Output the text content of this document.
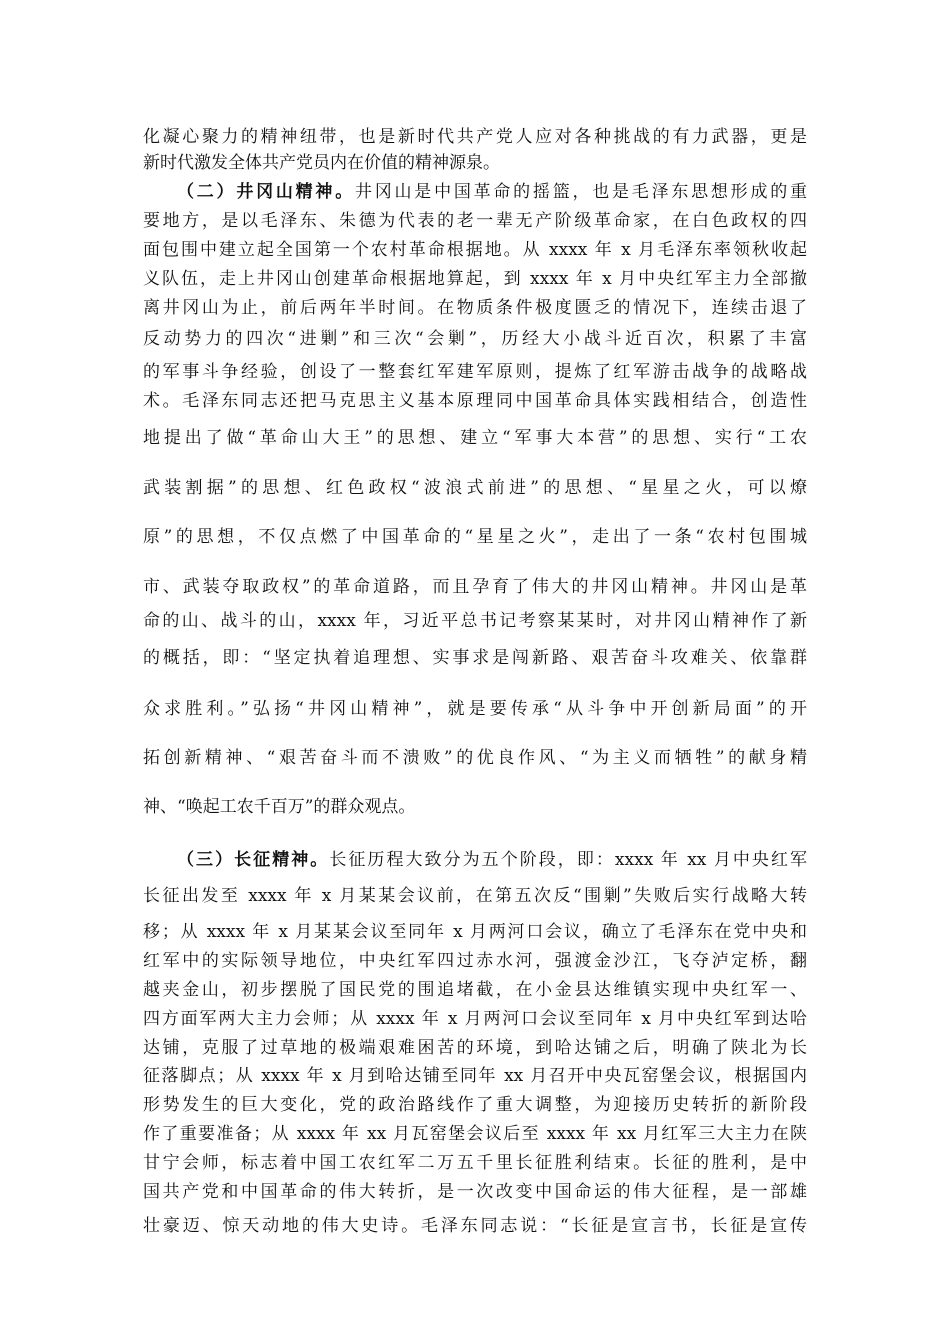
化凝心聚力的精神纽带，也是新时代共产党人应对各种挑战的有力武器，更是
新时代激发全体共产党员内在价值的精神源泉。
（二）井冈山精神。井冈山是中国革命的摇篮，也是毛泽东思想形成的重
要地方，是以毛泽东、朱德为代表的老一辈无产阶级革命家，在白色政权的四
面包围中建立起全国第一个农村革命根据地。从 xxxx 年 x 月毛泽东率领秋收起
义队伍，走上井冈山创建革命根据地算起，到 xxxx 年 x 月中央红军主力全部撤
离井冈山为止，前后两年半时间。在物质条件极度匮乏的情况下，连续击退了
反动势力的四次“进剿”和三次“会剿”，历经大小战斗近百次，积累了丰富
的军事斗争经验，创设了一整套红军建军原则，提炼了红军游击战争的战略战
术。毛泽东同志还把马克思主义基本原理同中国革命具体实践相结合，创造性
地提出了做“革命山大王”的思想、建立“军事大本营”的思想、实行“工农
武装割据”的思想、红色政权“波浪式前进”的思想、“星星之火，可以燎
原”的思想，不仅点燃了中国革命的“星星之火”，走出了一条“农村包围城
市、武装夺取政权”的革命道路，而且孕育了伟大的井冈山精神。井冈山是革
命的山、战斗的山，xxxx 年，习近平总书记考察某某时，对井冈山精神作了新
的概括，即：“坚定执着追理想、实事求是闯新路、艰苦奋斗攻难关、依靠群
众求胜利。”弘扬“井冈山精神”，就是要传承“从斗争中开创新局面”的开
拓创新精神、“艰苦奋斗而不溃败”的优良作风、“为主义而牺牲”的献身精
神、“唤起工农千百万”的群众观点。
（三）长征精神。长征历程大致分为五个阶段，即：xxxx 年 xx 月中央红军
长征出发至 xxxx 年 x 月某某会议前，在第五次反“围剿”失败后实行战略大转
移；从 xxxx 年 x 月某某会议至同年 x 月两河口会议，确立了毛泽东在党中央和
红军中的实际领导地位，中央红军四过赤水河，强渡金沙江，飞夺泸定桥，翻
越夹金山，初步摆脱了国民党的围追堵截，在小金县达维镇实现中央红军一、
四方面军两大主力会师；从 xxxx 年 x 月两河口会议至同年 x 月中央红军到达哈
达铺，克服了过草地的极端艰难困苦的环境，到哈达铺之后，明确了陕北为长
征落脚点；从 xxxx 年 x 月到哈达铺至同年 xx 月召开中央瓦窑堡会议，根据国内
形势发生的巨大变化，党的政治路线作了重大调整，为迎接历史转折的新阶段
作了重要准备；从 xxxx 年 xx 月瓦窑堡会议后至 xxxx 年 xx 月红军三大主力在陕
甘宁会师，标志着中国工农红军二万五千里长征胜利结束。长征的胜利，是中
国共产党和中国革命的伟大转折，是一次改变中国命运的伟大征程，是一部雄
壮豪迈、惊天动地的伟大史诗。毛泽东同志说：“长征是宣言书，长征是宣传
